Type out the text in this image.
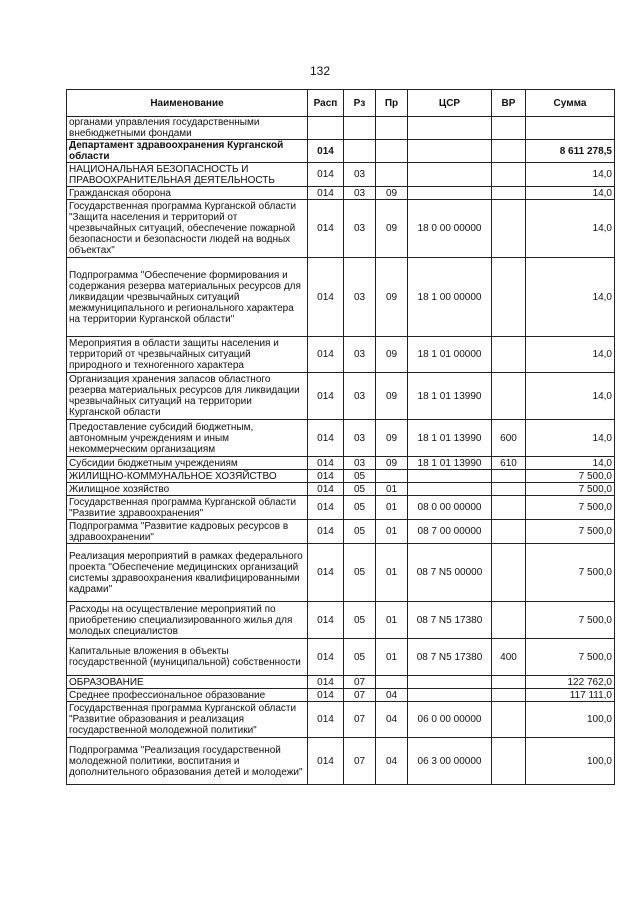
132
Наименование	Расп	Рз	Пр	ЦСР	ВР	Сумма
органами управления государственными внебюджетными фондами						
Департамент здравоохранения Курганской области	014					8 611 278,5
НАЦИОНАЛЬНАЯ БЕЗОПАСНОСТЬ И ПРАВООХРАНИТЕЛЬНАЯ ДЕЯТЕЛЬНОСТЬ	014	03				14,0
Гражданская оборона	014	03	09			14,0
Государственная программа Курганской области "Защита населения и территорий от чрезвычайных ситуаций, обеспечение пожарной безопасности и безопасности людей на водных объектах"	014	03	09	18 0 00 00000		14,0
Подпрограмма "Обеспечение формирования и содержания резерва материальных ресурсов для ликвидации чрезвычайных ситуаций межмуниципального и регионального характера на территории Курганской области"	014	03	09	18 1 00 00000		14,0
Мероприятия в области защиты населения и территорий от чрезвычайных ситуаций природного и техногенного характера	014	03	09	18 1 01 00000		14,0
Организация хранения запасов областного резерва материальных ресурсов для ликвидации чрезвычайных ситуаций на территории Курганской области	014	03	09	18 1 01 13990		14,0
Предоставление субсидий бюджетным, автономным учреждениям и иным некоммерческим организациям	014	03	09	18 1 01 13990	600	14,0
Субсидии бюджетным учреждениям	014	03	09	18 1 01 13990	610	14,0
ЖИЛИЩНО-КОММУНАЛЬНОЕ ХОЗЯЙСТВО	014	05				7 500,0
Жилищное хозяйство	014	05	01			7 500,0
Государственная программа Курганской области "Развитие здравоохранения"	014	05	01	08 0 00 00000		7 500,0
Подпрограмма "Развитие кадровых ресурсов в здравоохранении"	014	05	01	08 7 00 00000		7 500,0
Реализация мероприятий в рамках федерального проекта "Обеспечение медицинских организаций системы здравоохранения квалифицированными кадрами"	014	05	01	08 7 N5 00000		7 500,0
Расходы на осуществление мероприятий по приобретению специализированного жилья для молодых специалистов	014	05	01	08 7 N5 17380		7 500,0
Капитальные вложения в объекты государственной (муниципальной) собственности	014	05	01	08 7 N5 17380	400	7 500,0
ОБРАЗОВАНИЕ	014	07				122 762,0
Среднее профессиональное образование	014	07	04			117 111,0
Государственная программа Курганской области "Развитие образования и реализация государственной молодежной политики"	014	07	04	06 0 00 00000		100,0
Подпрограмма "Реализация государственной молодежной политики, воспитания и дополнительного образования детей и молодежи"	014	07	04	06 3 00 00000		100,0
